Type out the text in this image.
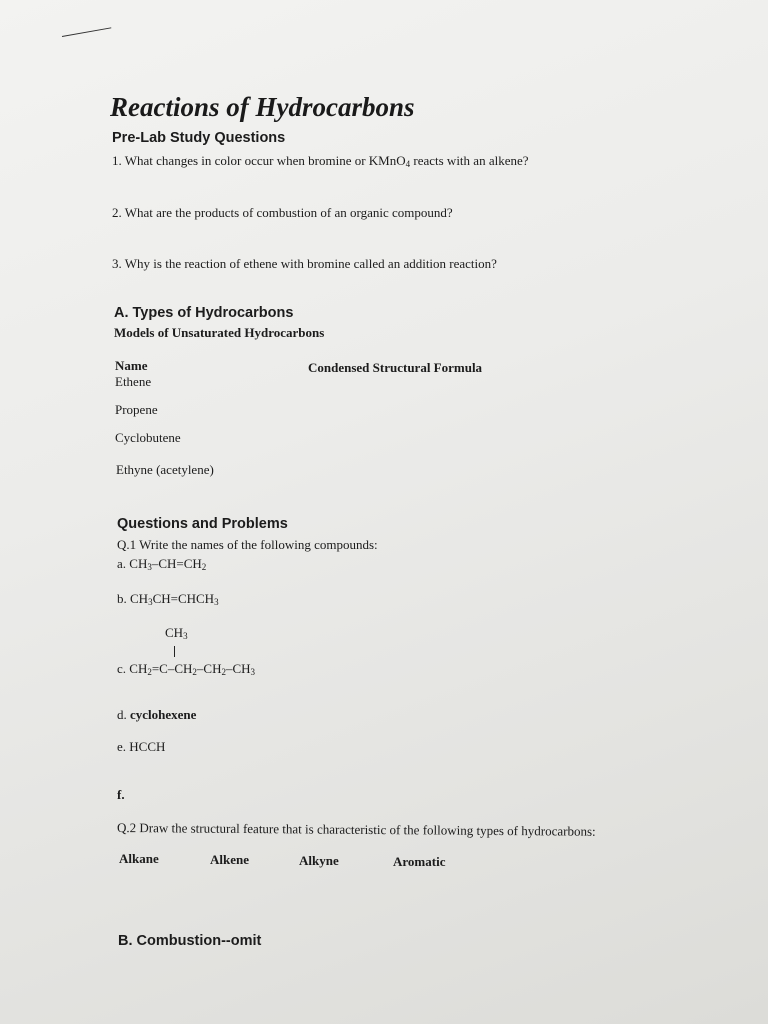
Reactions of Hydrocarbons
Pre-Lab Study Questions
1. What changes in color occur when bromine or KMnO$_4$ reacts with an alkene?
2. What are the products of combustion of an organic compound?
3. Why is the reaction of ethene with bromine called an addition reaction?
A. Types of Hydrocarbons
Models of Unsaturated Hydrocarbons
Name	Condensed Structural Formula
Ethene
Propene
Cyclobutene
Ethyne (acetylene)
Questions and Problems
Q.1 Write the names of the following compounds:
a. $CH_3-CH=CH_2$
b. $CH_3CH=CHCH_3$
$CH_3$
c. $CH_2=C-CH_2-CH_2-CH_3$
d. cyclohexene
e. HCCH
f.
Q.2 Draw the structural feature that is characteristic of the following types of hydrocarbons:
Alkane	Alkene	Alkyne	Aromatic
B. Combustion--omit
